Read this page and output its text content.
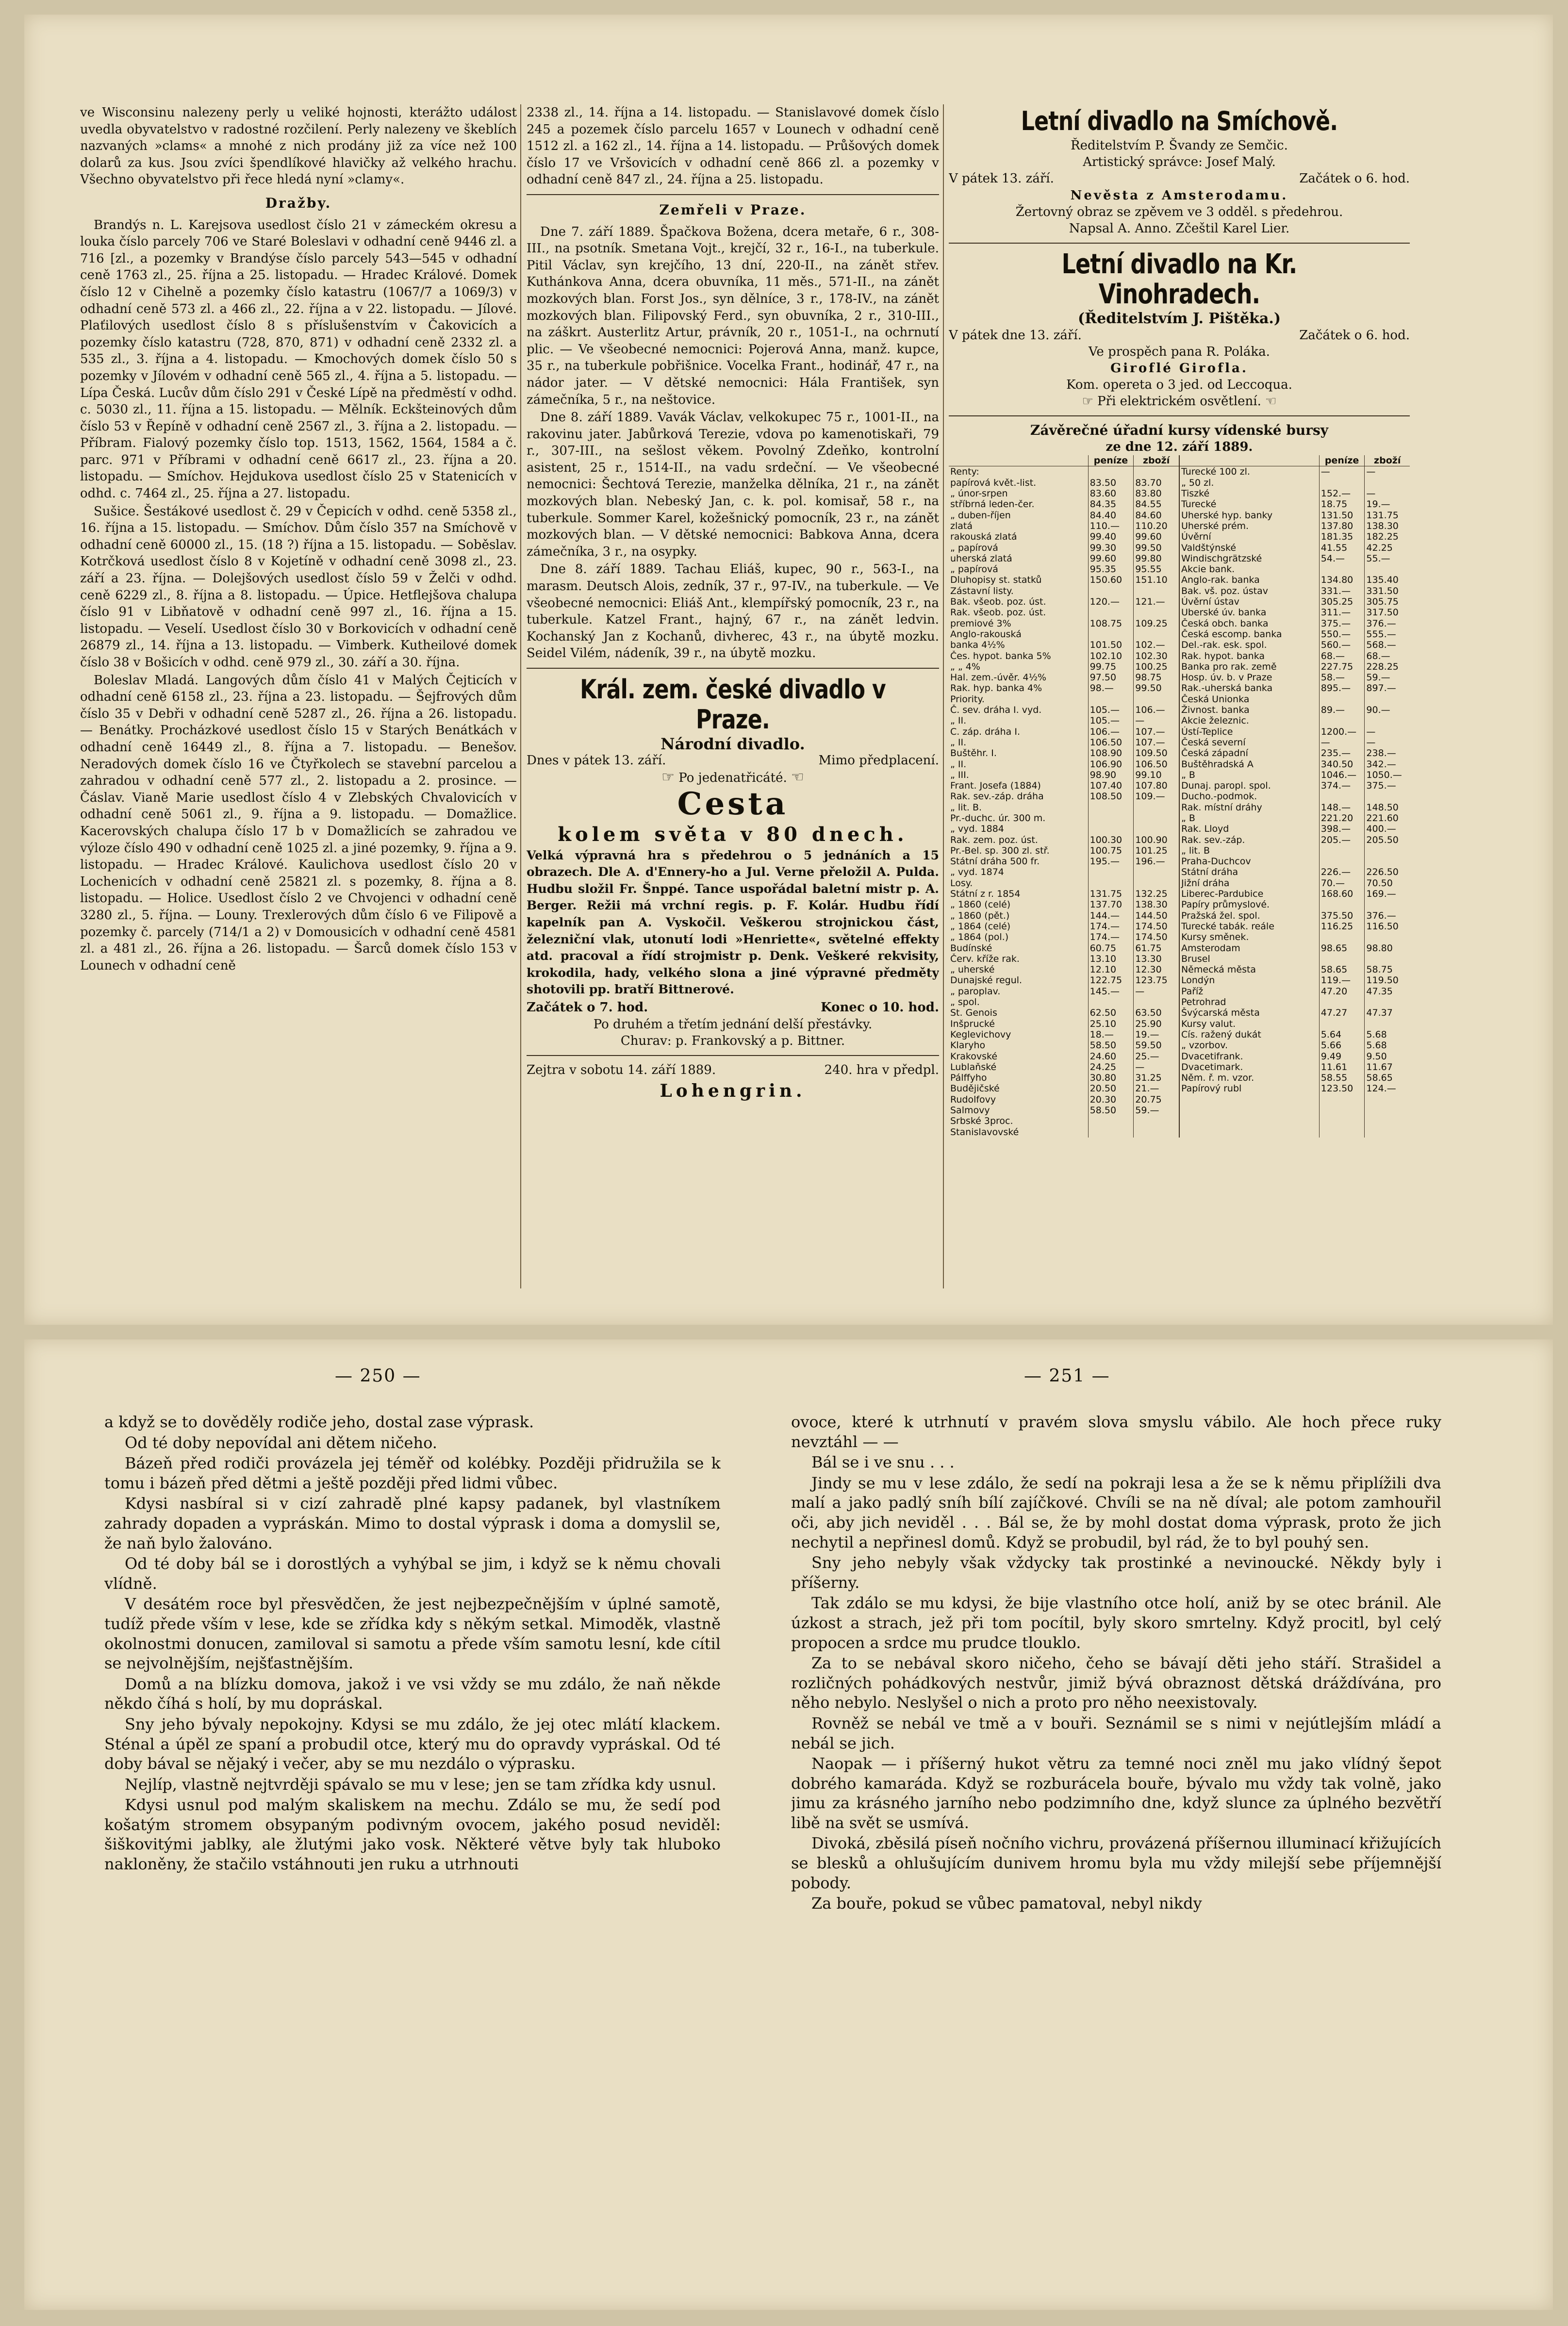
ve Wisconsinu nalezeny perly u veliké hojnosti, kterážto událost uvedla obyvatelstvo v radostné rozčilení. Perly nalezeny ve škeblích nazvaných »clams« a mnohé z nich prodány již za více než 100 dolarů za kus. Jsou zvíci špendlíkové hlavičky až velkého hrachu. Všechno obyvatelstvo při řece hledá nyní »clamy«.

Dražby.

Brandýs n. L. Karejsova usedlost číslo 21 v zámeckém okresu a louka číslo parcely 706 ve Staré Boleslavi v odhadní ceně 9446 zl. a 716 [zl., a pozemky v Brandýse číslo parcely 543—545 v odhadní ceně 1763 zl., 25. října a 25. listopadu. — Hradec Králové. Domek číslo 12 v Cihelně a pozemky číslo katastru (1067/7 a 1069/3) v odhadní ceně 573 zl. a 466 zl., 22. října a v 22. listopadu. — Jílové. Plaťilových usedlost číslo 8 s příslušenstvím v Čakovicích a pozemky číslo katastru (728, 870, 871) v odhadní ceně 2332 zl. a 535 zl., 3. října a 4. listopadu. — Kmochových domek číslo 50 s pozemky v Jílovém v odhadní ceně 565 zl., 4. října a 5. listopadu. — Lípa Česká. Lucův dům číslo 291 v České Lípě na předměstí v odhd. c. 5030 zl., 11. října a 15. listopadu. — Mělník. Eckšteinových dům číslo 53 v Řepíně v odhadní ceně 2567 zl., 3. října a 2. listopadu. — Příbram. Fialový pozemky číslo top. 1513, 1562, 1564, 1584 a č. parc. 971 v Příbrami v odhadní ceně 6617 zl., 23. října a 20. listopadu. — Smíchov. Hejdukova usedlost číslo 25 v Statenicích v odhd. c. 7464 zl., 25. října a 27. listopadu.

Sušice. Šestákové usedlost č. 29 v Čepicích v odhd. ceně 5358 zl., 16. října a 15. listopadu. — Smíchov. Dům číslo 357 na Smíchově v odhadní ceně 60000 zl., 15. (18 ?) října a 15. listopadu. — Soběslav. Kotrčková usedlost číslo 8 v Kojetíně v odhadní ceně 3098 zl., 23. září a 23. října. — Dolejšových usedlost číslo 59 v Želči v odhd. ceně 6229 zl., 8. října a 8. listopadu. — Úpice. Hetflejšova chalupa číslo 91 v Libňatově v odhadní ceně 997 zl., 16. října a 15. listopadu. — Veselí. Usedlost číslo 30 v Borkovicích v odhadní ceně 26879 zl., 14. října a 13. listopadu. — Vimberk. Kutheilové domek číslo 38 v Bošicích v odhd. ceně 979 zl., 30. září a 30. října.

Boleslav Mladá. Langových dům číslo 41 v Malých Čejticích v odhadní ceně 6158 zl., 23. října a 23. listopadu. — Šejfrových dům číslo 35 v Debři v odhadní ceně 5287 zl., 26. října a 26. listopadu. — Benátky. Procházkové usedlost číslo 15 v Starých Benátkách v odhadní ceně 16449 zl., 8. října a 7. listopadu. — Benešov. Neradových domek číslo 16 ve Čtyřkolech se stavební parcelou a zahradou v odhadní ceně 577 zl., 2. listopadu a 2. prosince. — Čáslav. Vianě Marie usedlost číslo 4 v Zlebských Chvalovicích v odhadní ceně 5061 zl., 9. října a 9. listopadu. — Domažlice. Kacerovských chalupa číslo 17 b v Domažlicích se zahradou ve výloze číslo 490 v odhadní ceně 1025 zl. a jiné pozemky, 9. října a 9. listopadu. — Hradec Králové. Kaulichova usedlost číslo 20 v Lochenicích v odhadní ceně 25821 zl. s pozemky, 8. října a 8. listopadu. — Holice. Usedlost číslo 2 ve Chvojenci v odhadní ceně 3280 zl., 5. října. — Louny. Trexlerových dům číslo 6 ve Filipově a pozemky č. parcely (714/1 a 2) v Domousicích v odhadní ceně 4581 zl. a 481 zl., 26. října a 26. listopadu. — Šarců domek číslo 153 v Lounech v odhadní ceně

2338 zl., 14. října a 14. listopadu. — Stanislavové domek číslo 245 a pozemek číslo parcelu 1657 v Lounech v odhadní ceně 1512 zl. a 162 zl., 14. října a 14. listopadu. — Průšových domek číslo 17 ve Vršovicích v odhadní ceně 866 zl. a pozemky v odhadní ceně 847 zl., 24. října a 25. listopadu.

Zemřeli v Praze.

Dne 7. září 1889. Špačkova Božena, dcera metaře, 6 r., 308-III., na psotník. Smetana Vojt., krejčí, 32 r., 16-I., na tuberkule. Pitil Václav, syn krejčího, 13 dní, 220-II., na zánět střev. Kuthánkova Anna, dcera obuvníka, 11 měs., 571-II., na zánět mozkových blan. Forst Jos., syn dělníce, 3 r., 178-IV., na zánět mozkových blan. Filipovský Ferd., syn obuvníka, 2 r., 310-III., na záškrt. Austerlitz Artur, právník, 20 r., 1051-I., na ochrnutí plic. — Ve všeobecné nemocnici: Pojerová Anna, manž. kupce, 35 r., na tuberkule pobřišnice. Vocelka Frant., hodinář, 47 r., na nádor jater. — V dětské nemocnici: Hála František, syn zámečníka, 5 r., na neštovice.

Dne 8. září 1889. Vavák Václav, velkokupec 75 r., 1001-II., na rakovinu jater. Jabůrková Terezie, vdova po kamenotiskaři, 79 r., 307-III., na sešlost věkem. Povolný Zdeňko, kontrolní asistent, 25 r., 1514-II., na vadu srdeční. — Ve všeobecné nemocnici: Šechtová Terezie, manželka dělníka, 21 r., na zánět mozkových blan. Nebeský Jan, c. k. pol. komisař, 58 r., na tuberkule. Sommer Karel, kožešnický pomocník, 23 r., na zánět mozkových blan. — V dětské nemocnici: Babkova Anna, dcera zámečníka, 3 r., na osypky.

Dne 8. září 1889. Tachau Eliáš, kupec, 90 r., 563-I., na marasm. Deutsch Alois, zedník, 37 r., 97-IV., na tuberkule. — Ve všeobecné nemocnici: Eliáš Ant., klempířský pomocník, 23 r., na tuberkule. Katzel Frant., hajný, 67 r., na zánět ledvin. Kochanský Jan z Kochanů, divherec, 43 r., na úbytě mozku. Seidel Vilém, nádeník, 39 r., na úbytě mozku.

Král. zem. české divadlo v Praze.
Národní divadlo.
Dnes v pátek 13. září.	Mimo předplacení.
☞ Po jedenatřicáté. ☜
Cesta
kolem světa v 80 dnech.

Velká výpravná hra s předehrou o 5 jednáních a 15 obrazech. Dle A. d'Ennery-ho a Jul. Verne přeložil A. Pulda. Hudbu složil Fr. Šnppé. Tance uspořádal baletní mistr p. A. Berger. Režii má vrchní regis. p. F. Kolár. Hudbu řídí kapelník pan A. Vyskočil. Veškerou strojnickou část, železniční vlak, utonutí lodi »Henriette«, světelné effekty atd. pracoval a řídí strojmistr p. Denk. Veškeré rekvisity, krokodila, hady, velkého slona a jiné výpravné předměty shotovili pp. bratří Bittnerové.

Začátek o 7. hod.	Konec o 10. hod.
Po druhém a třetím jednání delší přestávky.
Churav: p. Frankovský a p. Bittner.
Zejtra v sobotu 14. září 1889.	240. hra v předpl.
Lohengrin.
Letní divadlo na Smíchově.
Ředitelstvím P. Švandy ze Semčic.
Artistický správce: Josef Malý.
V pátek 13. září.	Začátek o 6. hod.
Nevěsta z Amsterodamu.
Žertovný obraz se zpěvem ve 3 odděl. s předehrou.
Napsal A. Anno. Zčeštil Karel Lier.
Letní divadlo na Kr. Vinohradech.
(Ředitelstvím J. Pištěka.)
V pátek dne 13. září.	Začátek o 6. hod.
Ve prospěch pana R. Poláka.
Giroflé Girofla.
Kom. opereta o 3 jed. od Leccoqua.
☞ Při elektrickém osvětlení. ☜
Závěrečné úřadní kursy vídenské bursy
ze dne 12. září 1889.
	peníze	zboží		peníze	zboží
Renty:			Turecké 100 zl.	—	—
papírová květ.-list.	83.50	83.70	„ 50 zl.		
„ únor-srpen	83.60	83.80	Tiszké	152.—	—
stříbrná leden-čer.	84.35	84.55	Turecké	18.75	19.—
„ duben-říjen	84.40	84.60	Uherské hyp. banky	131.50	131.75
zlatá	110.—	110.20	Uherské prém.	137.80	138.30
rakouská zlatá	99.40	99.60	Úvěrní	181.35	182.25
„ papírová	99.30	99.50	Valdštýnské	41.55	42.25
uherská zlatá	99.60	99.80	Windischgrätzské	54.—	55.—
„ papírová	95.35	95.55	Akcie bank.		
Dluhopisy st. statků	150.60	151.10	Anglo-rak. banka	134.80	135.40
Zástavní listy.			Bak. vš. poz. ústav	331.—	331.50
Bak. všeob. poz. úst.	120.—	121.—	Úvěrní ústav	305.25	305.75
Rak. všeob. poz. úst.			Uberské úv. banka	311.—	317.50
premiové 3%	108.75	109.25	Česká obch. banka	375.—	376.—
Anglo-rakouská			Česká escomp. banka	550.—	555.—
banka 4½%	101.50	102.—	Del.-rak. esk. spol.	560.—	568.—
Čes. hypot. banka 5%	102.10	102.30	Rak. hypot. banka	68.—	68.—
„ „ 4%	99.75	100.25	Banka pro rak. země	227.75	228.25
Hal. zem.-úvěr. 4½%	97.50	98.75	Hosp. úv. b. v Praze	58.—	59.—
Rak. hyp. banka 4%	98.—	99.50	Rak.-uherská banka	895.—	897.—
Priority.			Česká Unionka		
Č. sev. dráha I. vyd.	105.—	106.—	Živnost. banka	89.—	90.—
„ II.	105.—	—	Akcie železnic.		
C. záp. dráha I.	106.—	107.—	Ústí-Teplice	1200.—	—
„ II.	106.50	107.—	Česká severní	—	—
Buštěhr. I.	108.90	109.50	Česká západní	235.—	238.—
„ II.	106.90	106.50	Buštěhradská A	340.50	342.—
„ III.	98.90	99.10	„ B	1046.—	1050.—
Frant. Josefa (1884)	107.40	107.80	Dunaj. paropl. spol.	374.—	375.—
Rak. sev.-záp. dráha	108.50	109.—	Ducho.-podmok.		
„ lit. B.			Rak. místní dráhy	148.—	148.50
Pr.-duchc. úr. 300 m.			„ B	221.20	221.60
„ vyd. 1884			Rak. Lloyd	398.—	400.—
Rak. zem. poz. úst.	100.30	100.90	Rak. sev.-záp.	205.—	205.50
Pr.-Bel. sp. 300 zl. stř.	100.75	101.25	„ lit. B		
Státní dráha 500 fr.	195.—	196.—	Praha-Duchcov		
„ vyd. 1874			Státní dráha	226.—	226.50
Losy.			Jižní dráha	70.—	70.50
Státní z r. 1854	131.75	132.25	Liberec-Pardubice	168.60	169.—
„ 1860 (celé)	137.70	138.30	Papíry průmyslové.		
„ 1860 (pět.)	144.—	144.50	Pražská žel. spol.	375.50	376.—
„ 1864 (celé)	174.—	174.50	Turecké tabák. reále	116.25	116.50
„ 1864 (pol.)	174.—	174.50	Kursy směnek.		
Budínské	60.75	61.75	Amsterodam	98.65	98.80
Červ. kříže rak.	13.10	13.30	Brusel		
„ uherské	12.10	12.30	Německá města	58.65	58.75
Dunajské regul.	122.75	123.75	Londýn	119.—	119.50
„ paroplav.	145.—	—	Paříž	47.20	47.35
„ spol.			Petrohrad		
St. Genois	62.50	63.50	Švýcarská města	47.27	47.37
Inšprucké	25.10	25.90	Kursy valut.		
Keglevichovy	18.—	19.—	Cís. ražený dukát	5.64	5.68
Klaryho	58.50	59.50	„ vzorbov.	5.66	5.68
Krakovské	24.60	25.—	Dvacetifrank.	9.49	9.50
Lublaňské	24.25	—	Dvacetimark.	11.61	11.67
Pálffyho	30.80	31.25	Něm. ř. m. vzor.	58.55	58.65
Budějičské	20.50	21.—	Papírový rubl	123.50	124.—
Rudolfovy	20.30	20.75			
Salmovy	58.50	59.—			
Srbské 3proc.					
Stanislavovské					
— 250 —	— 251 —

a když se to dověděly rodiče jeho, dostal zase výprask.

Od té doby nepovídal ani dětem ničeho.

Bázeň před rodiči provázela jej téměř od kolébky. Později přidružila se k tomu i bázeň před dětmi a ještě později před lidmi vůbec.

Kdysi nasbíral si v cizí zahradě plné kapsy padanek, byl vlastníkem zahrady dopaden a vypráskán. Mimo to dostal výprask i doma a domyslil se, že naň bylo žalováno.

Od té doby bál se i dorostlých a vyhýbal se jim, i když se k němu chovali vlídně.

V desátém roce byl přesvědčen, že jest nejbezpečnějším v úplné samotě, tudíž přede vším v lese, kde se zřídka kdy s někým setkal. Mimoděk, vlastně okolnostmi donucen, zamiloval si samotu a přede vším samotu lesní, kde cítil se nejvolnějším, nejšťastnějším.

Domů a na blízku domova, jakož i ve vsi vždy se mu zdálo, že naň někde někdo číhá s holí, by mu dopráskal.

Sny jeho bývaly nepokojny. Kdysi se mu zdálo, že jej otec mlátí klackem. Sténal a úpěl ze spaní a probudil otce, který mu do opravdy vypráskal. Od té doby bával se nějaký i večer, aby se mu nezdálo o výprasku.

Nejlíp, vlastně nejtvrději spávalo se mu v lese; jen se tam zřídka kdy usnul.

Kdysi usnul pod malým skaliskem na mechu. Zdálo se mu, že sedí pod košatým stromem obsypaným podivným ovocem, jakého posud neviděl: šiškovitými jablky, ale žlutými jako vosk. Některé větve byly tak hluboko nakloněny, že stačilo vstáhnouti jen ruku a utrhnouti

ovoce, které k utrhnutí v pravém slova smyslu vábilo. Ale hoch přece ruky nevztáhl — —

Bál se i ve snu . . .

Jindy se mu v lese zdálo, že sedí na pokraji lesa a že se k němu připlížili dva malí a jako padlý sníh bílí zajíčkové. Chvíli se na ně díval; ale potom zamhouřil oči, aby jich neviděl . . . Bál se, že by mohl dostat doma výprask, proto že jich nechytil a nepřinesl domů. Když se probudil, byl rád, že to byl pouhý sen.

Sny jeho nebyly však vždycky tak prostinké a nevinoucké. Někdy byly i příšerny.

Tak zdálo se mu kdysi, že bije vlastního otce holí, aniž by se otec bránil. Ale úzkost a strach, jež při tom pocítil, byly skoro smrtelny. Když procitl, byl celý propocen a srdce mu prudce tlouklo.

Za to se nebával skoro ničeho, čeho se bávají děti jeho stáří. Strašidel a rozličných pohádkových nestvůr, jimiž bývá obraznost dětská dráždívána, pro něho nebylo. Neslyšel o nich a proto pro něho neexistovaly.

Rovněž se nebál ve tmě a v bouři. Seznámil se s nimi v nejútlejším mládí a nebál se jich.

Naopak — i příšerný hukot větru za temné noci zněl mu jako vlídný šepot dobrého kamaráda. Když se rozburácela bouře, bývalo mu vždy tak volně, jako jimu za krásného jarního nebo podzimního dne, když slunce za úplného bezvětří libě na svět se usmívá.

Divoká, zběsilá píseň nočního vichru, provázená příšernou illuminací křižujících se blesků a ohlušujícím dunivem hromu byla mu vždy milejší sebe příjemnější pobody.

Za bouře, pokud se vůbec pamatoval, nebyl nikdy
